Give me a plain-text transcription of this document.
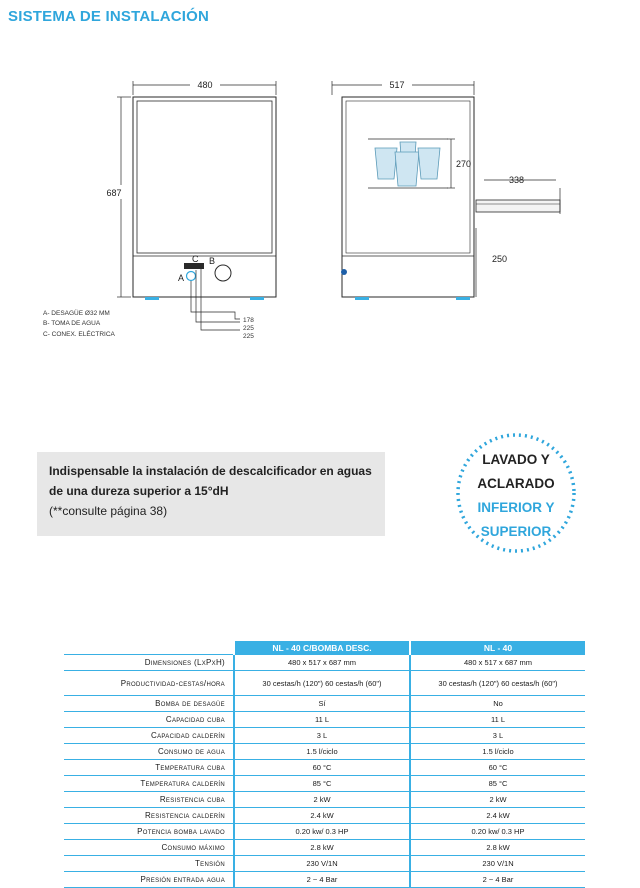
SISTEMA DE INSTALACIÓN
480
687
C
A
B
A- DESAGÜE Ø32 MM
B- TOMA DE AGUA
C- CONEX. ELÉCTRICA
178
225
225
517
270
338
250
Indispensable la instalación de descalcificador en aguas de una dureza superior a 15°dH
(**consulte página 38)
LAVADO Y
ACLARADO
INFERIOR Y
SUPERIOR
	NL - 40 C/BOMBA DESC.	NL - 40
Dimensiones (LxPxH)	480 x 517 x 687 mm	480 x 517 x 687 mm
Productividad-cestas/hora	30 cestas/h (120") 60 cestas/h (60")	30 cestas/h (120") 60 cestas/h (60")
Bomba de desagüe	Sí	No
Capacidad cuba	11 L	11 L
Capacidad calderín	3 L	3 L
Consumo de agua	1.5 l/ciclo	1.5 l/ciclo
Temperatura cuba	60 °C	60 °C
Temperatura calderín	85 °C	85 °C
Resistencia cuba	2 kW	2 kW
Resistencia calderín	2.4 kW	2.4 kW
Potencia bomba lavado	0.20 kw/ 0.3 HP	0.20 kw/ 0.3 HP
Consumo máximo	2.8 kW	2.8 kW
Tensión	230 V/1N	230 V/1N
Presión entrada agua	2 ~ 4 Bar	2 ~ 4 Bar
